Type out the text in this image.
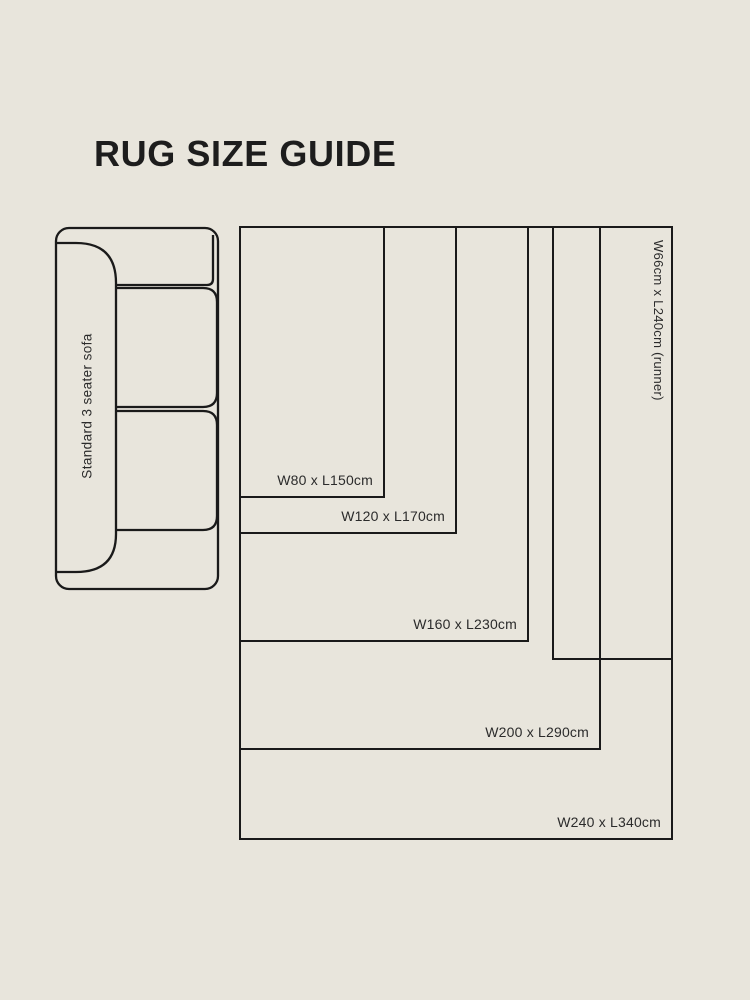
RUG SIZE GUIDE
Standard 3 seater sofa
W240 x L340cm
W200 x L290cm
W160 x L230cm
W66cm x L240cm (runner)
W120 x L170cm
W80 x L150cm
